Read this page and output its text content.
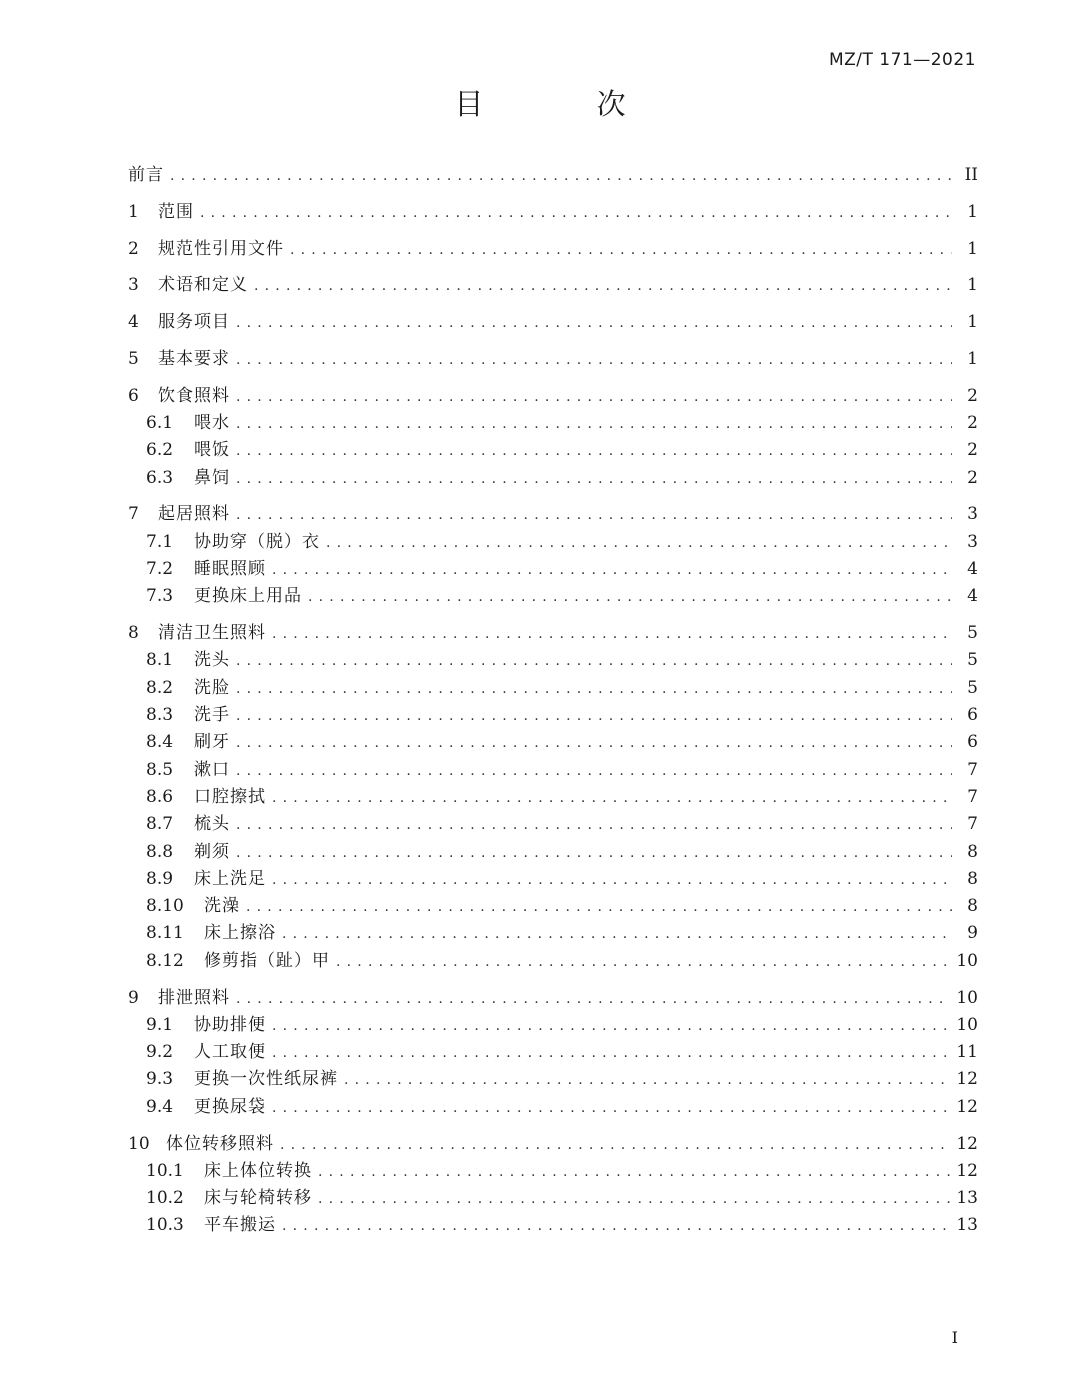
MZ/T 171—2021
目 次
前言 .....	II
1	范围 .....	1
2	规范性引用文件 .....	1
3	术语和定义 .....	1
4	服务项目 .....	1
5	基本要求 .....	1
6	饮食照料 .....	2
6.1	喂水 .....	2
6.2	喂饭 .....	2
6.3	鼻饲 .....	2
7	起居照料 .....	3
7.1	协助穿（脱）衣 .....	3
7.2	睡眠照顾 .....	4
7.3	更换床上用品 .....	4
8	清洁卫生照料 .....	5
8.1	洗头 .....	5
8.2	洗脸 .....	5
8.3	洗手 .....	6
8.4	刷牙 .....	6
8.5	漱口 .....	7
8.6	口腔擦拭 .....	7
8.7	梳头 .....	7
8.8	剃须 .....	8
8.9	床上洗足 .....	8
8.10	洗澡 .....	8
8.11	床上擦浴 .....	9
8.12	修剪指（趾）甲 .....	10
9	排泄照料 .....	10
9.1	协助排便 .....	10
9.2	人工取便 .....	11
9.3	更换一次性纸尿裤 .....	12
9.4	更换尿袋 .....	12
10 体位转移照料 .....	12
10.1	床上体位转换 .....	12
10.2	床与轮椅转移 .....	13
10.3	平车搬运 .....	13
I
